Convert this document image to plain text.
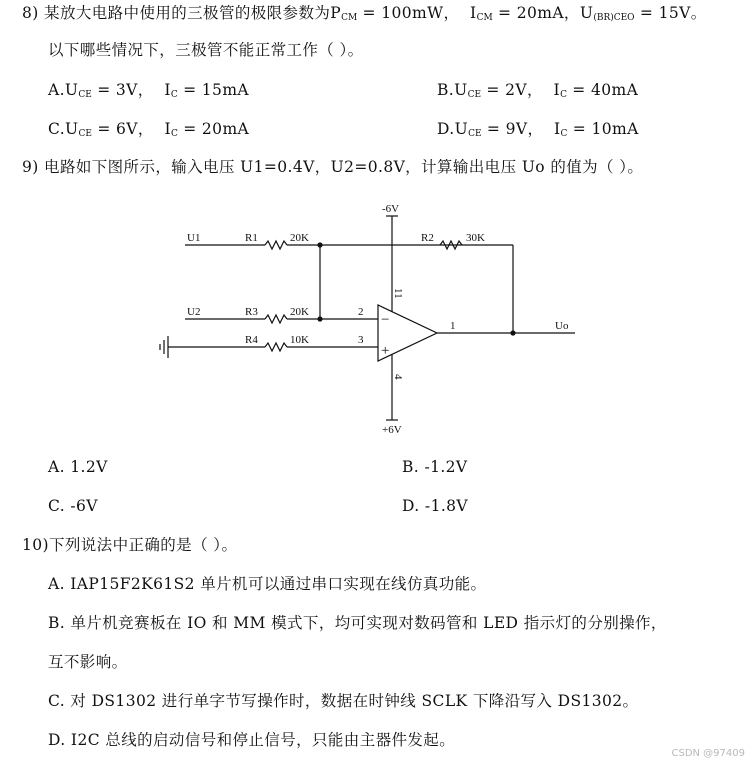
8) 某放大电路中使用的三极管的极限参数为$P_{CM} = 100mW$， $I_{CM} = 20mA$，$U_{(BR)CEO} = 15V$。
以下哪些情况下，三极管不能正常工作（ ）。
$A.U_{CE} = 3V$， $I_C = 15mA$	$B.U_{CE} = 2V$， $I_C = 40mA$
$C.U_{CE} = 6V$， $I_C = 20mA$	$D.U_{CE} = 9V$， $I_C = 10mA$
9) 电路如下图所示，输入电压 U1=0.4V，U2=0.8V，计算输出电压 Uo 的值为（ ）。
U1	R1	20K	R2	30K
U2	R3	20K
R4	10K
-6V
+6V
2
3
1
−
+
11
4
Uo
A. 1.2V	B. -1.2V
C. -6V	D. -1.8V
10)下列说法中正确的是（ ）。
A. IAP15F2K61S2 单片机可以通过串口实现在线仿真功能。
B. 单片机竞赛板在 IO 和 MM 模式下，均可实现对数码管和 LED 指示灯的分别操作，
互不影响。
C. 对 DS1302 进行单字节写操作时，数据在时钟线 SCLK 下降沿写入 DS1302。
D. I2C 总线的启动信号和停止信号，只能由主器件发起。
CSDN @97409
